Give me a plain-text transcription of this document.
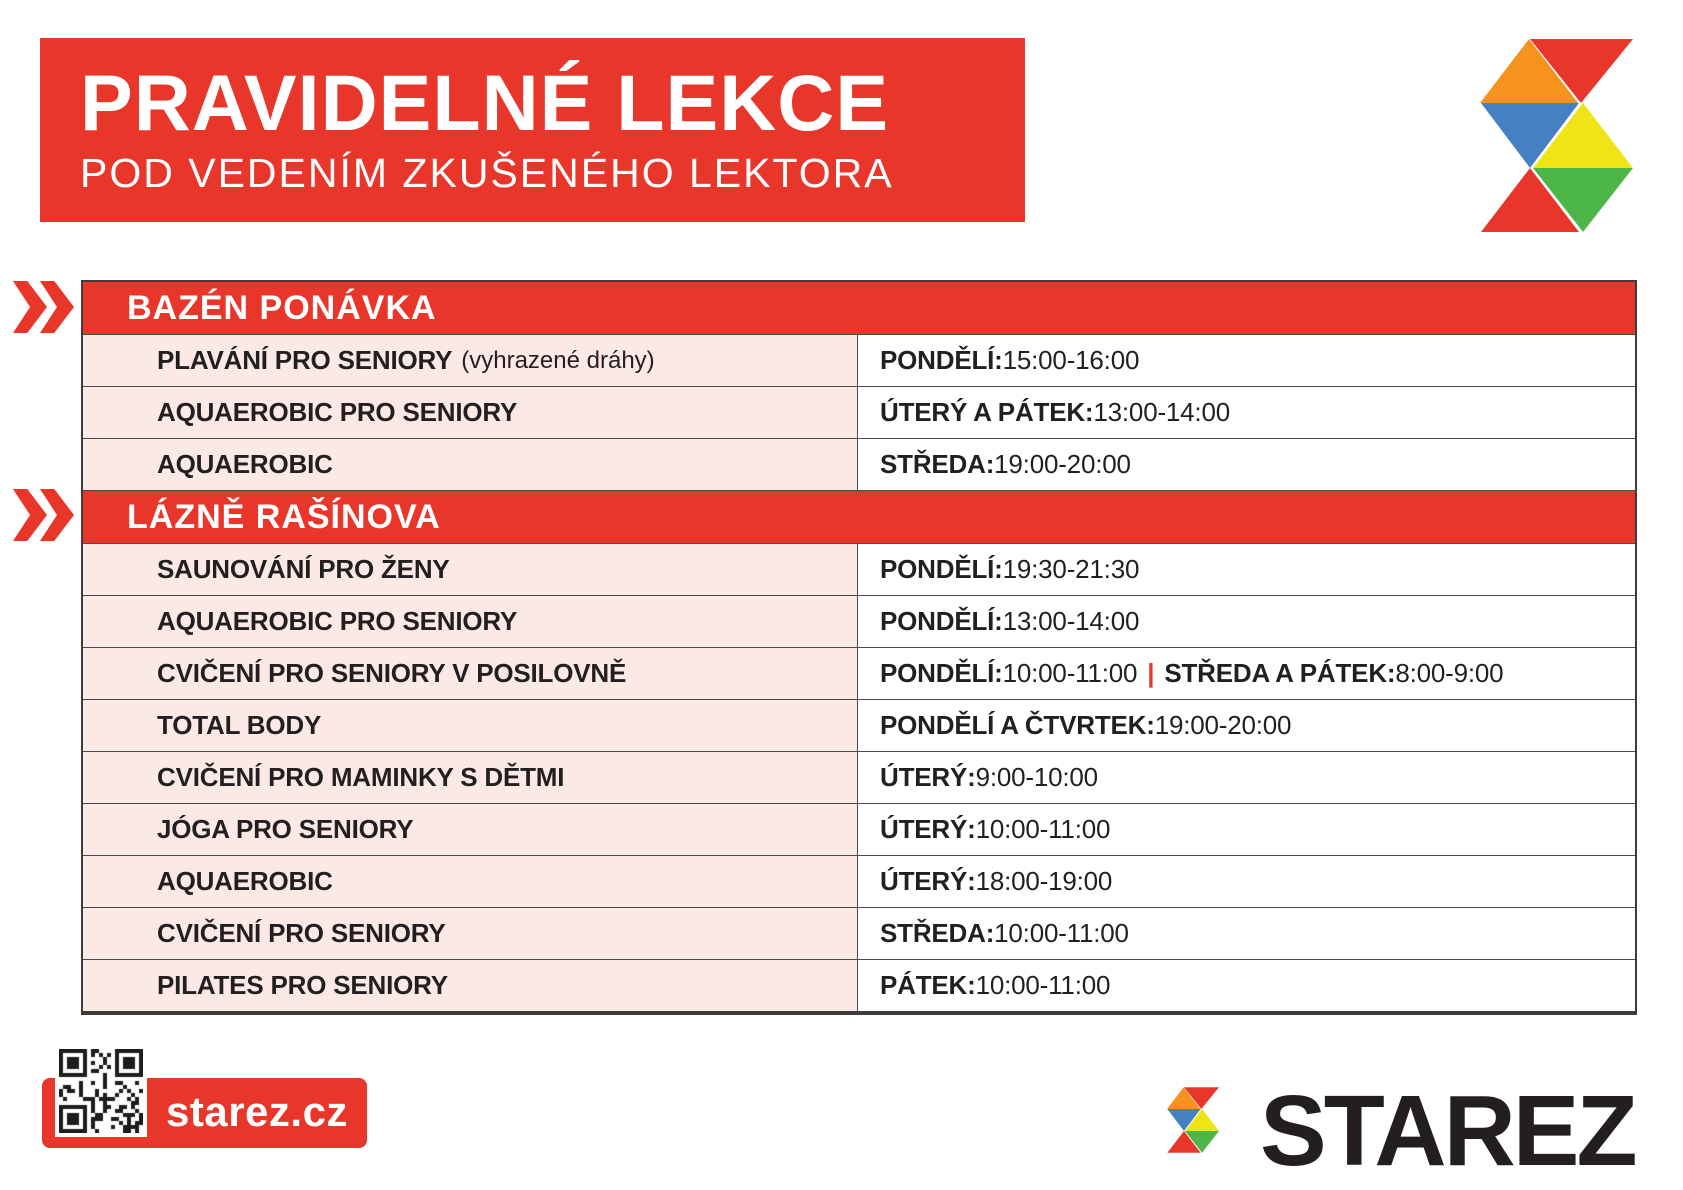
PRAVIDELNÉ LEKCE
POD VEDENÍM ZKUŠENÉHO LEKTORA
BAZÉN PONÁVKA
PLAVÁNÍ PRO SENIORY (vyhrazené dráhy)	PONDĚLÍ: 15:00-16:00
AQUAEROBIC PRO SENIORY	ÚTERÝ A PÁTEK: 13:00-14:00
AQUAEROBIC	STŘEDA: 19:00-20:00
LÁZNĚ RAŠÍNOVA
SAUNOVÁNÍ PRO ŽENY	PONDĚLÍ: 19:30-21:30
AQUAEROBIC PRO SENIORY	PONDĚLÍ: 13:00-14:00
CVIČENÍ PRO SENIORY V POSILOVNĚ	PONDĚLÍ: 10:00-11:00 | STŘEDA A PÁTEK: 8:00-9:00
TOTAL BODY	PONDĚLÍ A ČTVRTEK: 19:00-20:00
CVIČENÍ PRO MAMINKY S DĚTMI	ÚTERÝ: 9:00-10:00
JÓGA PRO SENIORY	ÚTERÝ: 10:00-11:00
AQUAEROBIC	ÚTERÝ: 18:00-19:00
CVIČENÍ PRO SENIORY	STŘEDA: 10:00-11:00
PILATES PRO SENIORY	PÁTEK: 10:00-11:00
starez.cz	STAREZ
